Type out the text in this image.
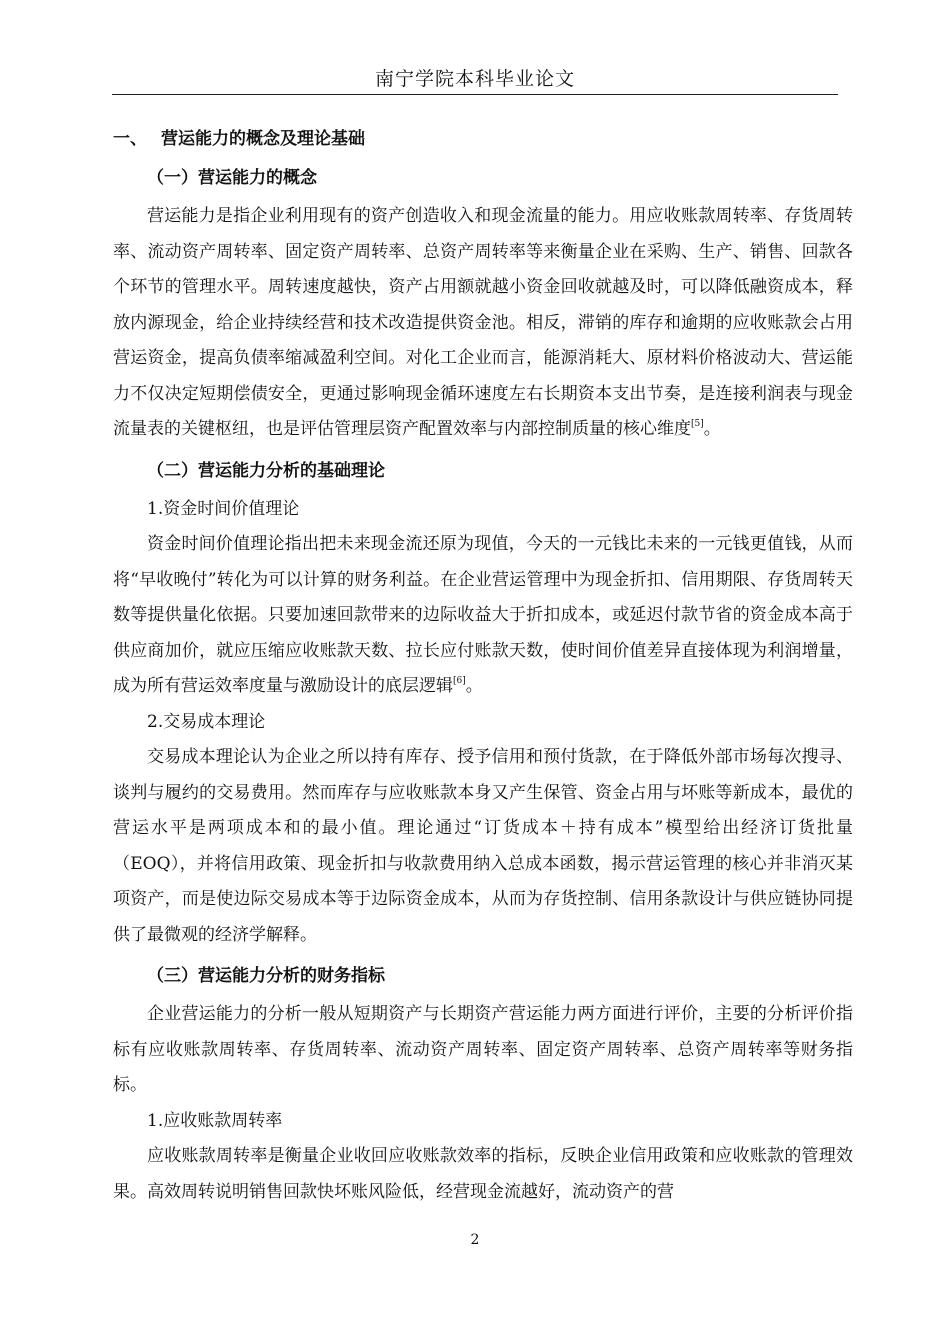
南宁学院本科毕业论文
一、 营运能力的概念及理论基础
（一）营运能力的概念

营运能力是指企业利用现有的资产创造收入和现金流量的能力。用应收账款周转率、存货周转率、流动资产周转率、固定资产周转率、总资产周转率等来衡量企业在采购、生产、销售、回款各个环节的管理水平。周转速度越快，资产占用额就越小资金回收就越及时，可以降低融资成本，释放内源现金，给企业持续经营和技术改造提供资金池。相反，滞销的库存和逾期的应收账款会占用营运资金，提高负债率缩减盈利空间。对化工企业而言，能源消耗大、原材料价格波动大、营运能力不仅决定短期偿债安全，更通过影响现金循环速度左右长期资本支出节奏，是连接利润表与现金流量表的关键枢纽，也是评估管理层资产配置效率与内部控制质量的核心维度[5]。

（二）营运能力分析的基础理论
1.资金时间价值理论

资金时间价值理论指出把未来现金流还原为现值，今天的一元钱比未来的一元钱更值钱，从而将“早收晚付”转化为可以计算的财务利益。在企业营运管理中为现金折扣、信用期限、存货周转天数等提供量化依据。只要加速回款带来的边际收益大于折扣成本，或延迟付款节省的资金成本高于供应商加价，就应压缩应收账款天数、拉长应付账款天数，使时间价值差异直接体现为利润增量，成为所有营运效率度量与激励设计的底层逻辑[6]。

2.交易成本理论

交易成本理论认为企业之所以持有库存、授予信用和预付货款，在于降低外部市场每次搜寻、谈判与履约的交易费用。然而库存与应收账款本身又产生保管、资金占用与坏账等新成本，最优的营运水平是两项成本和的最小值。理论通过“订货成本＋持有成本”模型给出经济订货批量（EOQ），并将信用政策、现金折扣与收款费用纳入总成本函数，揭示营运管理的核心并非消灭某项资产，而是使边际交易成本等于边际资金成本，从而为存货控制、信用条款设计与供应链协同提供了最微观的经济学解释。

（三）营运能力分析的财务指标

企业营运能力的分析一般从短期资产与长期资产营运能力两方面进行评价，主要的分析评价指标有应收账款周转率、存货周转率、流动资产周转率、固定资产周转率、总资产周转率等财务指标。

1.应收账款周转率

应收账款周转率是衡量企业收回应收账款效率的指标，反映企业信用政策和应收账款的管理效果。高效周转说明销售回款快坏账风险低，经营现金流越好，流动资产的营

2
